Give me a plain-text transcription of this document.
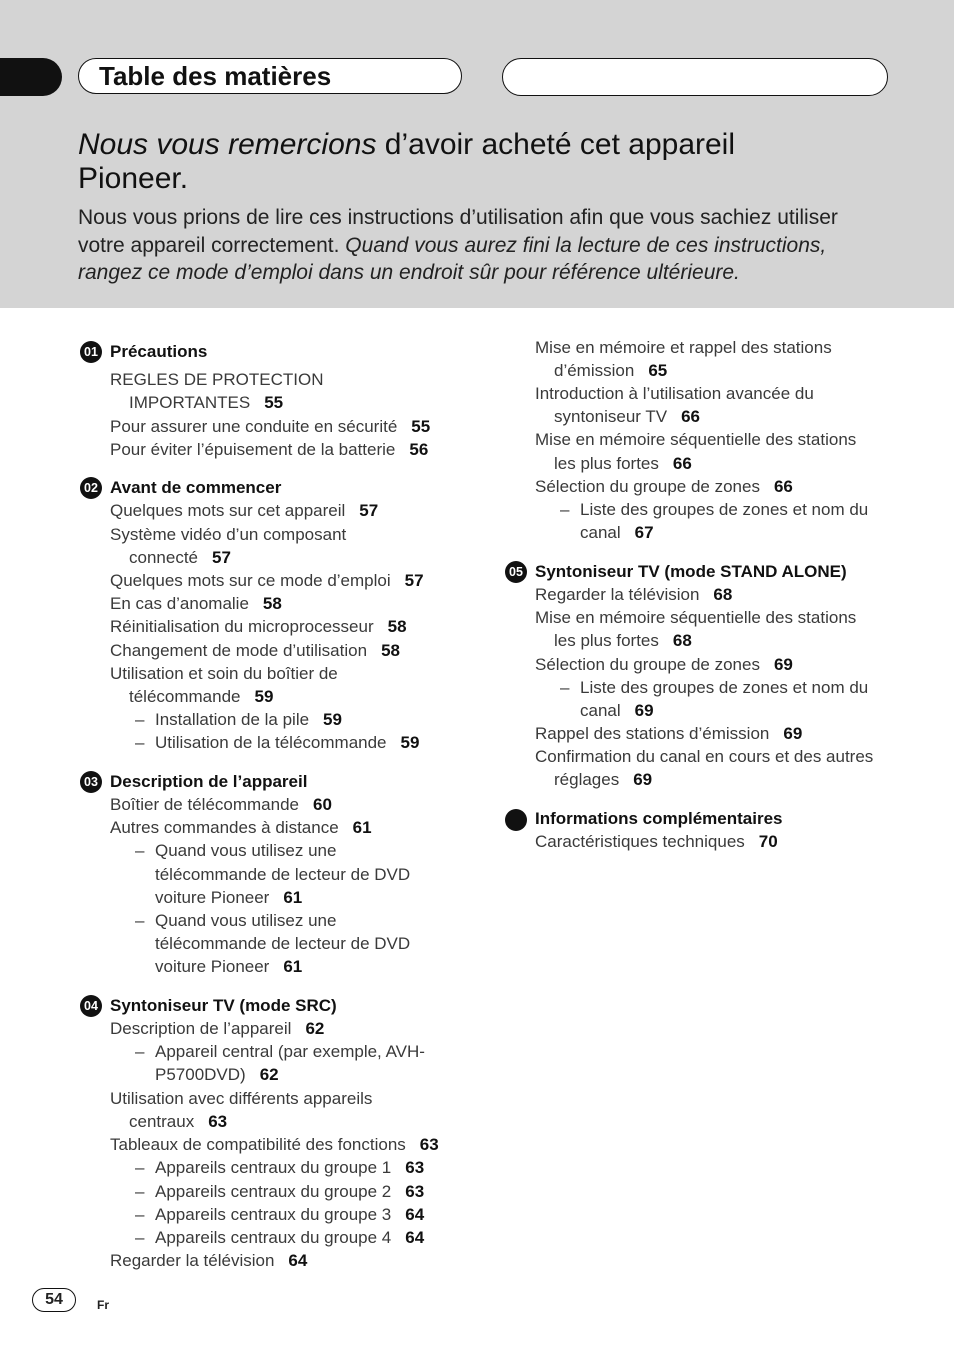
Table des matières
Nous vous remercions d’avoir acheté cet appareil
Pioneer.
Nous vous prions de lire ces instructions d’utilisation afin que vous sachiez utiliser
votre appareil correctement. Quand vous aurez fini la lecture de ces instructions,
rangez ce mode d’emploi dans un endroit sûr pour référence ultérieure.
01 Précautions
REGLES DE PROTECTION
IMPORTANTES 55
Pour assurer une conduite en sécurité 55
Pour éviter l’épuisement de la batterie 56
02 Avant de commencer
Quelques mots sur cet appareil 57
Système vidéo d’un composant
connecté 57
Quelques mots sur ce mode d’emploi 57
En cas d’anomalie 58
Réinitialisation du microprocesseur 58
Changement de mode d’utilisation 58
Utilisation et soin du boîtier de
télécommande 59
– Installation de la pile 59
– Utilisation de la télécommande 59
03 Description de l’appareil
Boîtier de télécommande 60
Autres commandes à distance 61
– Quand vous utilisez une
télécommande de lecteur de DVD
voiture Pioneer 61
– Quand vous utilisez une
télécommande de lecteur de DVD
voiture Pioneer 61
04 Syntoniseur TV (mode SRC)
Description de l’appareil 62
– Appareil central (par exemple, AVH-
P5700DVD) 62
Utilisation avec différents appareils
centraux 63
Tableaux de compatibilité des fonctions 63
– Appareils centraux du groupe 1 63
– Appareils centraux du groupe 2 63
– Appareils centraux du groupe 3 64
– Appareils centraux du groupe 4 64
Regarder la télévision 64
Mise en mémoire et rappel des stations
d’émission 65
Introduction à l’utilisation avancée du
syntoniseur TV 66
Mise en mémoire séquentielle des stations
les plus fortes 66
Sélection du groupe de zones 66
– Liste des groupes de zones et nom du
canal 67
05 Syntoniseur TV (mode STAND ALONE)
Regarder la télévision 68
Mise en mémoire séquentielle des stations
les plus fortes 68
Sélection du groupe de zones 69
– Liste des groupes de zones et nom du
canal 69
Rappel des stations d’émission 69
Confirmation du canal en cours et des autres
réglages 69
Informations complémentaires
Caractéristiques techniques 70
54	Fr
